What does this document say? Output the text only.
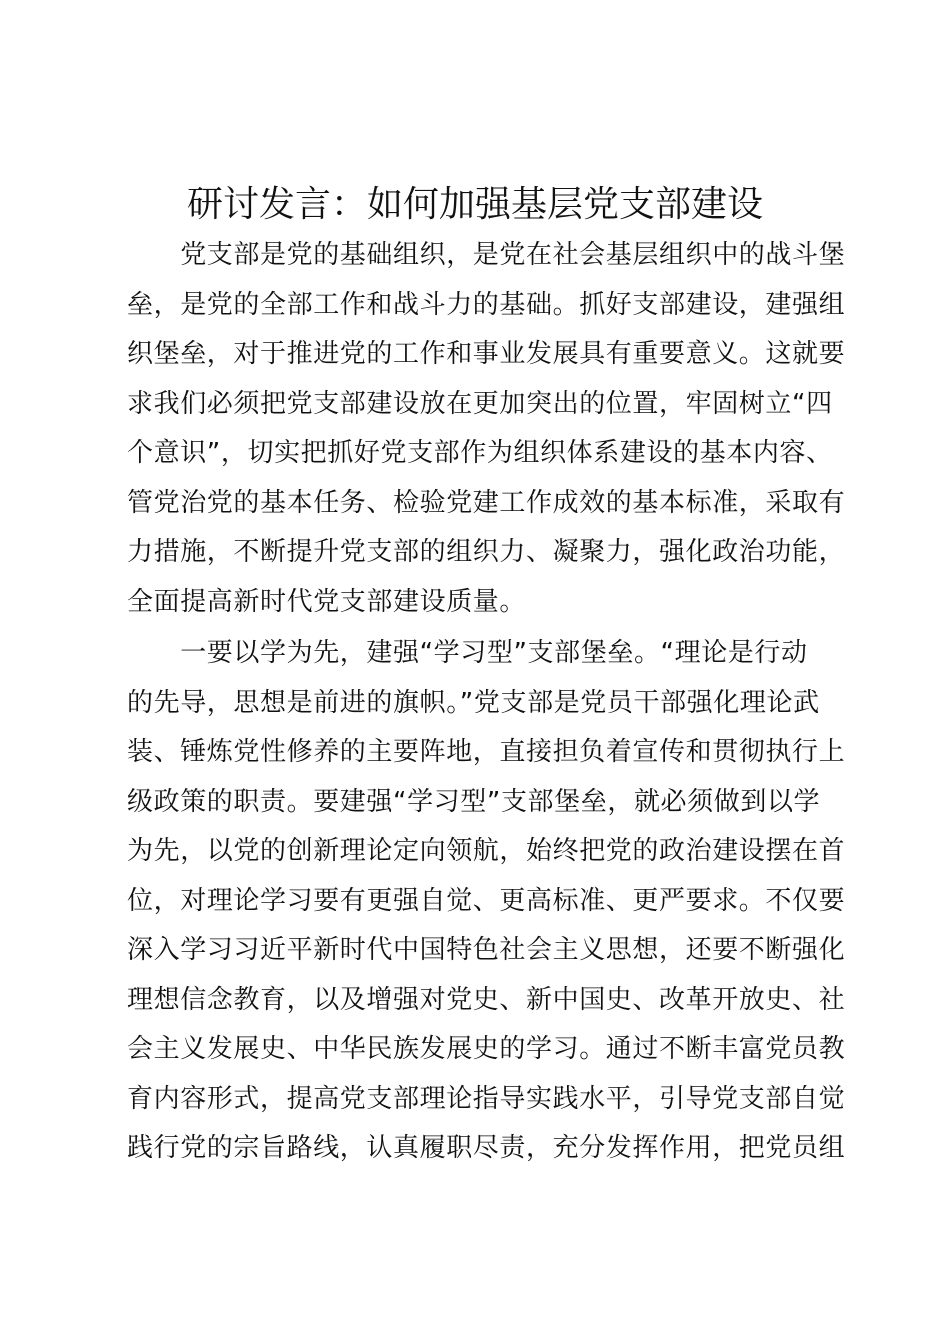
研讨发言：如何加强基层党支部建设
　　党支部是党的基础组织，是党在社会基层组织中的战斗堡
垒，是党的全部工作和战斗力的基础。抓好支部建设，建强组
织堡垒，对于推进党的工作和事业发展具有重要意义。这就要
求我们必须把党支部建设放在更加突出的位置，牢固树立“四
个意识”，切实把抓好党支部作为组织体系建设的基本内容、
管党治党的基本任务、检验党建工作成效的基本标准，采取有
力措施，不断提升党支部的组织力、凝聚力，强化政治功能，
全面提高新时代党支部建设质量。
　　一要以学为先，建强“学习型”支部堡垒。“理论是行动
的先导，思想是前进的旗帜。”党支部是党员干部强化理论武
装、锤炼党性修养的主要阵地，直接担负着宣传和贯彻执行上
级政策的职责。要建强“学习型”支部堡垒，就必须做到以学
为先，以党的创新理论定向领航，始终把党的政治建设摆在首
位，对理论学习要有更强自觉、更高标准、更严要求。不仅要
深入学习习近平新时代中国特色社会主义思想，还要不断强化
理想信念教育，以及增强对党史、新中国史、改革开放史、社
会主义发展史、中华民族发展史的学习。通过不断丰富党员教
育内容形式，提高党支部理论指导实践水平，引导党支部自觉
践行党的宗旨路线，认真履职尽责，充分发挥作用，把党员组
